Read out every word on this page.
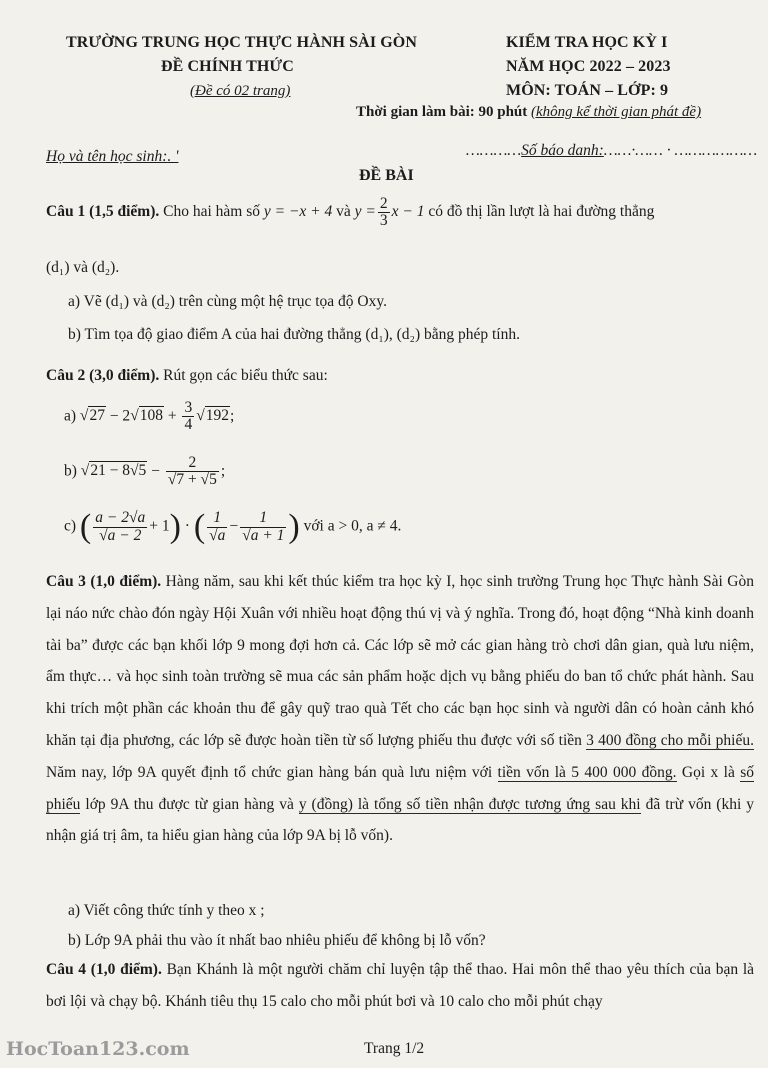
TRƯỜNG TRUNG HỌC THỰC HÀNH SÀI GÒN
ĐỀ CHÍNH THỨC
(Đề có 02 trang)
KIỂM TRA HỌC KỲ I
NĂM HỌC 2022 – 2023
MÔN: TOÁN – LỚP: 9
Thời gian làm bài: 90 phút (không kể thời gian phát đề)
Họ và tên học sinh:. '	…………Số báo danh:……·…… · ………………
ĐỀ BÀI
Câu 1 (1,5 điểm). Cho hai hàm số y = −x + 4 và $y = \frac{2}{3}$ x − 1 có đồ thị lần lượt là hai đường thẳng
(d₁) và (d₂).
a) Vẽ (d₁) và (d₂) trên cùng một hệ trục tọa độ Oxy.
b) Tìm tọa độ giao điểm A của hai đường thẳng (d₁), (d₂) bằng phép tính.
Câu 2 (3,0 điểm). Rút gọn các biểu thức sau:
a) √ 27 − 2 √ $108 + \frac{3}{4}$ √ 192;
b) √ $21 - 8√5 - \frac{2}{√7 + √5}$ ;
c) ( $\frac{a - 2√a}{√a - 2} + 1$) · ( $\frac{1}{√a} - \frac{1}{√a + 1}$ ) với a > 0, a ≠ 4.
Câu 3 (1,0 điểm). Hàng năm, sau khi kết thúc kiểm tra học kỳ I, học sinh trường Trung học Thực hành Sài Gòn lại náo nức chào đón ngày Hội Xuân với nhiều hoạt động thú vị và ý nghĩa. Trong đó, hoạt động “Nhà kinh doanh tài ba” được các bạn khối lớp 9 mong đợi hơn cả. Các lớp sẽ mở các gian hàng trò chơi dân gian, quà lưu niệm, ẩm thực… và học sinh toàn trường sẽ mua các sản phẩm hoặc dịch vụ bằng phiếu do ban tổ chức phát hành. Sau khi trích một phần các khoản thu để gây quỹ trao quà Tết cho các bạn học sinh và người dân có hoàn cảnh khó khăn tại địa phương, các lớp sẽ được hoàn tiền từ số lượng phiếu thu được với số tiền 3 400 đồng cho mỗi phiếu. Năm nay, lớp 9A quyết định tổ chức gian hàng bán quà lưu niệm với tiền vốn là 5 400 000 đồng. Gọi x là số phiếu lớp 9A thu được từ gian hàng và y (đồng) là tổng số tiền nhận được tương ứng sau khi đã trừ vốn (khi y nhận giá trị âm, ta hiểu gian hàng của lớp 9A bị lỗ vốn).
a) Viết công thức tính y theo x ;
b) Lớp 9A phải thu vào ít nhất bao nhiêu phiếu để không bị lỗ vốn?
Câu 4 (1,0 điểm). Bạn Khánh là một người chăm chỉ luyện tập thể thao. Hai môn thể thao yêu thích của bạn là bơi lội và chạy bộ. Khánh tiêu thụ 15 calo cho mỗi phút bơi và 10 calo cho mỗi phút chạy
HocToan123.com	Trang 1/2
